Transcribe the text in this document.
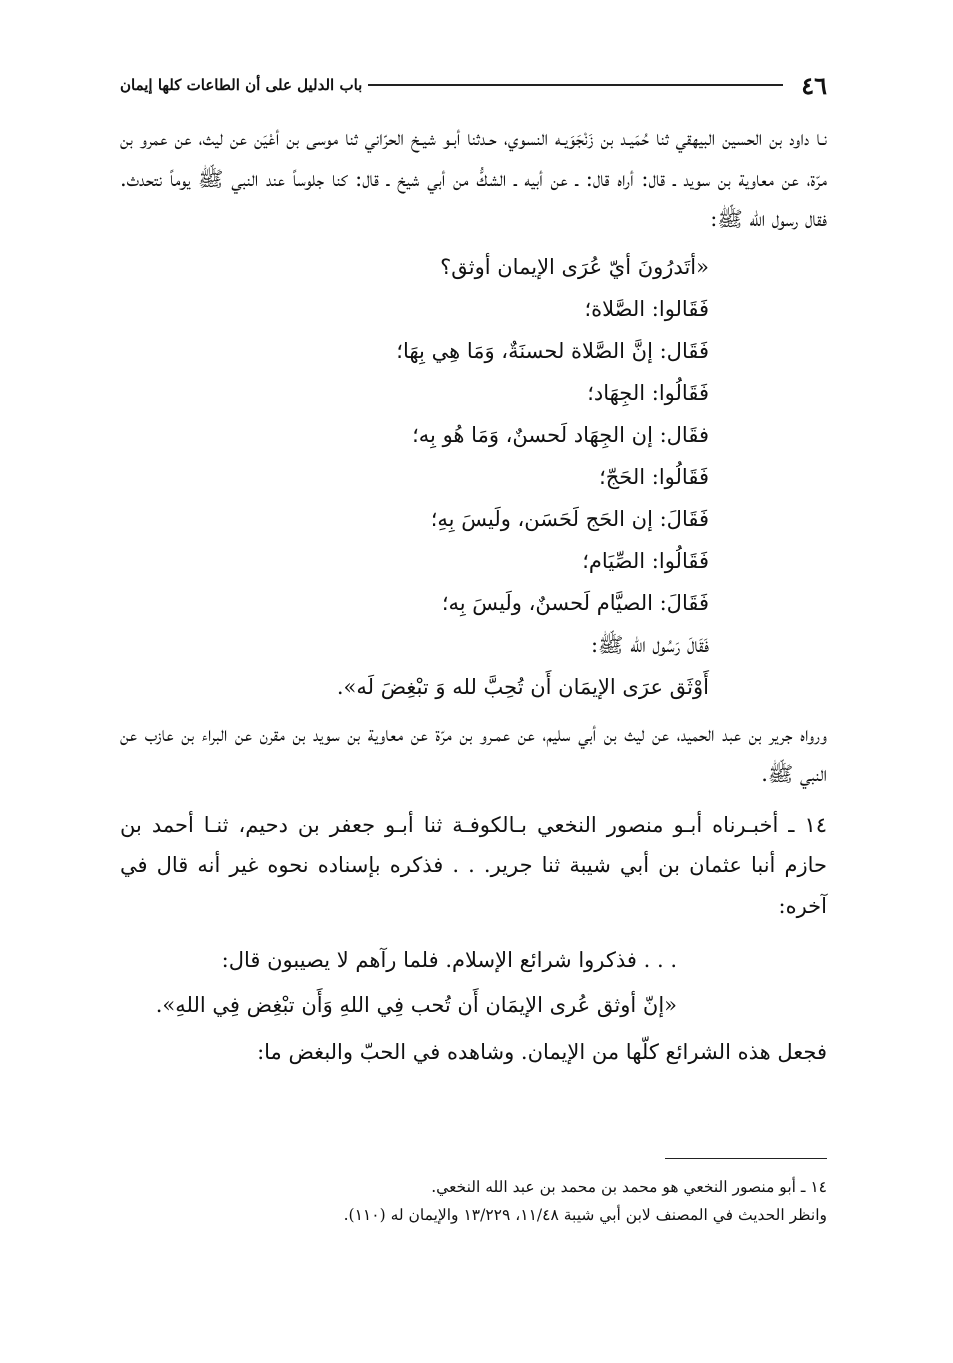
٤٦
باب الدليل على أن الطاعات كلها إيمان

نـا داود بن الحسين البيهقي ثنا حُمَيـد بن زَنْجَوَيـه النسوي، حـدثنا أبـو شيـخ الحرّاني ثنا موسى بن أعْيَن عن ليث، عن عمرو بن مرّة، عن معاوية بن سويد ـ قال: أراه قال: ـ عن أبيه ـ الشكُّ من أبي شيخ ـ قال: كنا جلوساً عند النبي ﷺ يوماً نتحدث. فقال رسول الله ﷺ:

«أتَدرُونَ أيّ عُرَى الإيمان أوثق؟
فَقَالوا: الصَّلاة؛
فَقَال: إنَّ الصَّلاة لحسنَةٌ، وَمَا هِي بِهَا؛
فَقَالُوا: الجِهَاد؛
فقَال: إن الجِهَاد لَحسنٌ، وَمَا هُو بِه؛
فَقَالُوا: الحَجّ؛
فَقَالَ: إن الحَج لَحَسَن، ولَيسَ بِهِ؛
فَقَالُوا: الصِّيَام؛
فَقَالَ: الصيَّام لَحسنٌ، ولَيسَ بِه؛
فَقَالَ رَسُول الله ﷺ:
أَوْثَق عرَى الإيمَان أَن تُحِبَّ لله وَ تبْغِضَ لَه».

ورواه جرير بن عبد الحميد، عن ليث بن أبي سليم، عن عمـرو بن مرّة عن معاوية بن سويد بن مقرن عن البراء بن عازب عن النبي ﷺ.

١٤ ـ أخبـرناه أبـو منصور النخعي بـالكوفـة ثنا أبـو جعفر بن دحيم، ثنـا أحمد بن حازم أنبا عثمان بن أبي شيبة ثنا جرير. . . فذكره بإسناده نحوه غير أنه قال في آخره:

. . . فذكروا شرائع الإسلام. فلما رآهم لا يصيبون قال:
«إنّ أوثق عُرى الإيمَان أَن تُحب فِي اللهِ وَأَن تبْغِض فِي اللهِ».

فجعل هذه الشرائع كلّها من الإيمان. وشاهده في الحبّ والبغض ما:

١٤ ـ أبو منصور النخعي هو محمد بن محمد بن عبد الله النخعي.
وانظر الحديث في المصنف لابن أبي شيبة ١١/٤٨، ١٣/٢٢٩ والإيمان له (١١٠).
